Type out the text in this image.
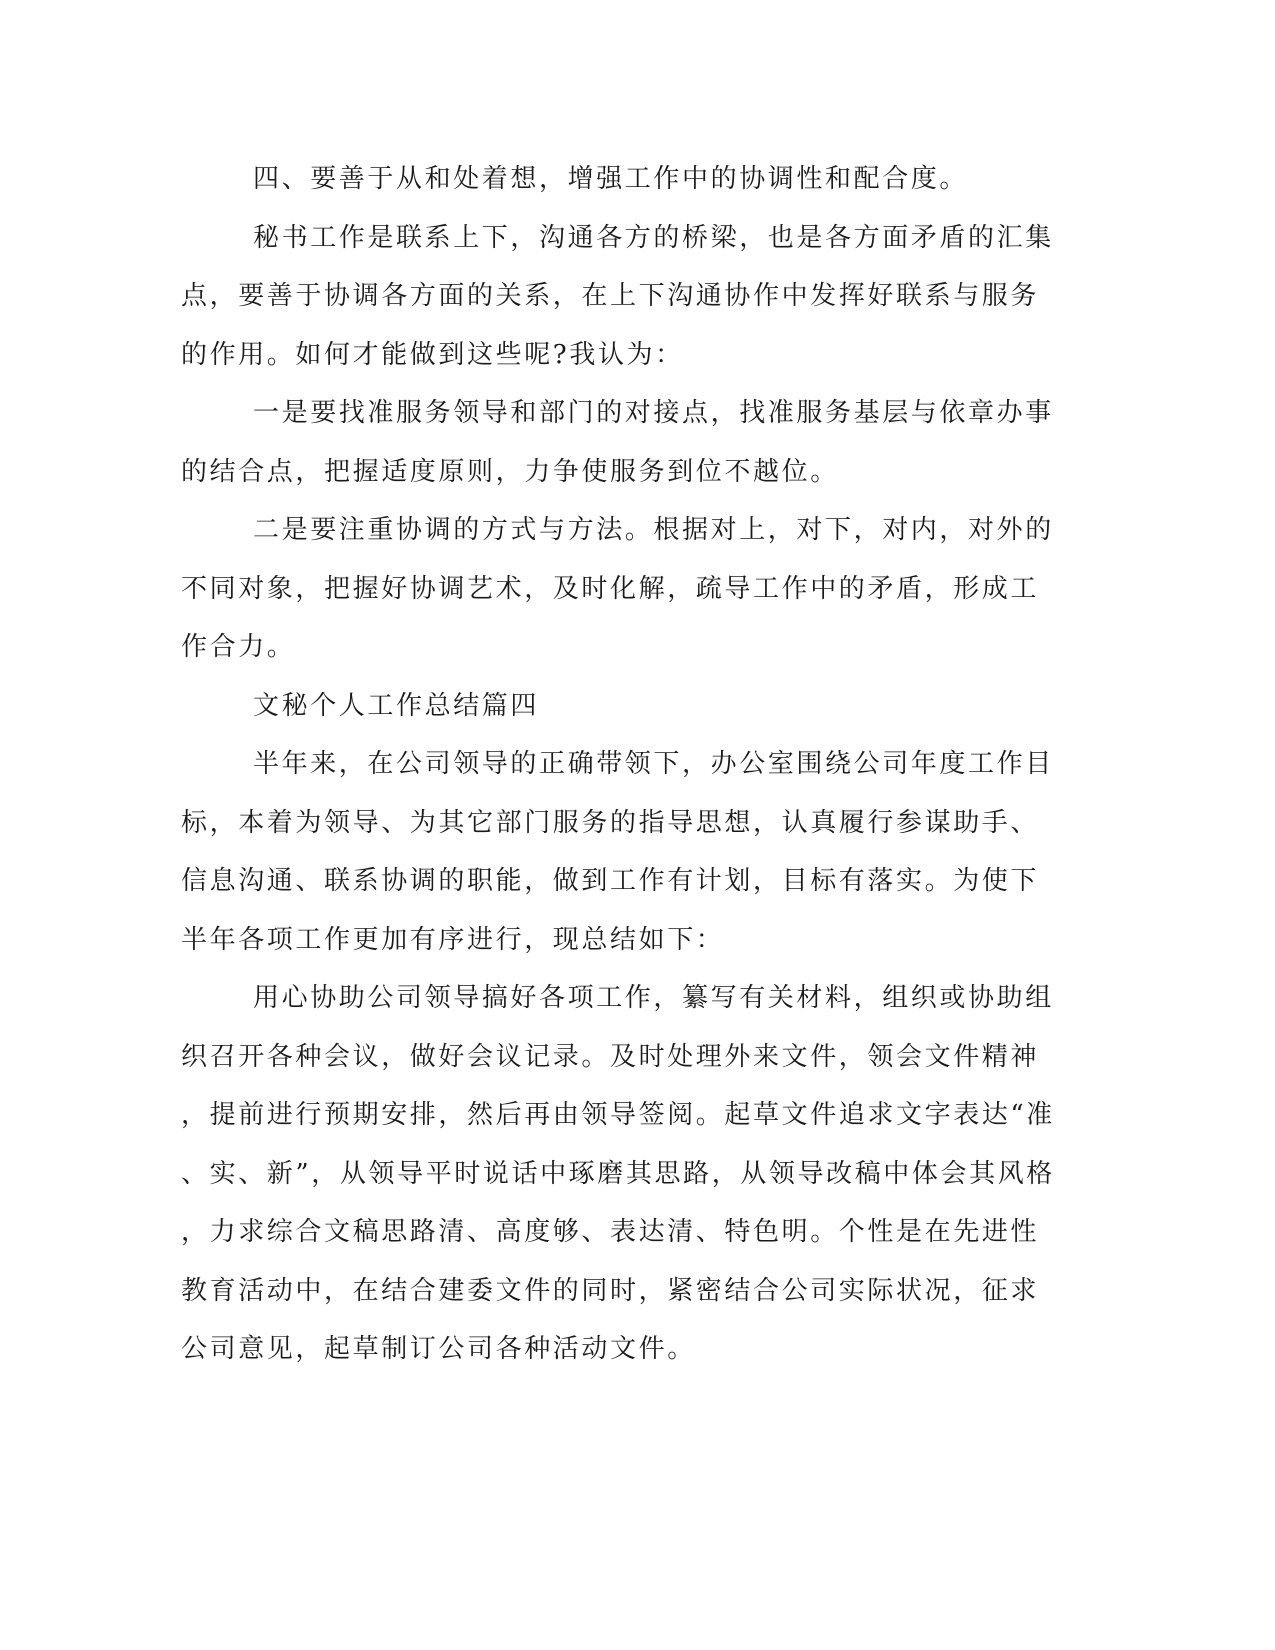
四、要善于从和处着想，增强工作中的协调性和配合度。
秘书工作是联系上下，沟通各方的桥梁，也是各方面矛盾的汇集
点，要善于协调各方面的关系，在上下沟通协作中发挥好联系与服务
的作用。如何才能做到这些呢?我认为：
一是要找准服务领导和部门的对接点，找准服务基层与依章办事
的结合点，把握适度原则，力争使服务到位不越位。
二是要注重协调的方式与方法。根据对上，对下，对内，对外的
不同对象，把握好协调艺术，及时化解，疏导工作中的矛盾，形成工
作合力。
文秘个人工作总结篇四
半年来，在公司领导的正确带领下，办公室围绕公司年度工作目
标，本着为领导、为其它部门服务的指导思想，认真履行参谋助手、
信息沟通、联系协调的职能，做到工作有计划，目标有落实。为使下
半年各项工作更加有序进行，现总结如下：
用心协助公司领导搞好各项工作，纂写有关材料，组织或协助组
织召开各种会议，做好会议记录。及时处理外来文件，领会文件精神
，提前进行预期安排，然后再由领导签阅。起草文件追求文字表达“准
、实、新”，从领导平时说话中琢磨其思路，从领导改稿中体会其风格
，力求综合文稿思路清、高度够、表达清、特色明。个性是在先进性
教育活动中，在结合建委文件的同时，紧密结合公司实际状况，征求
公司意见，起草制订公司各种活动文件。
